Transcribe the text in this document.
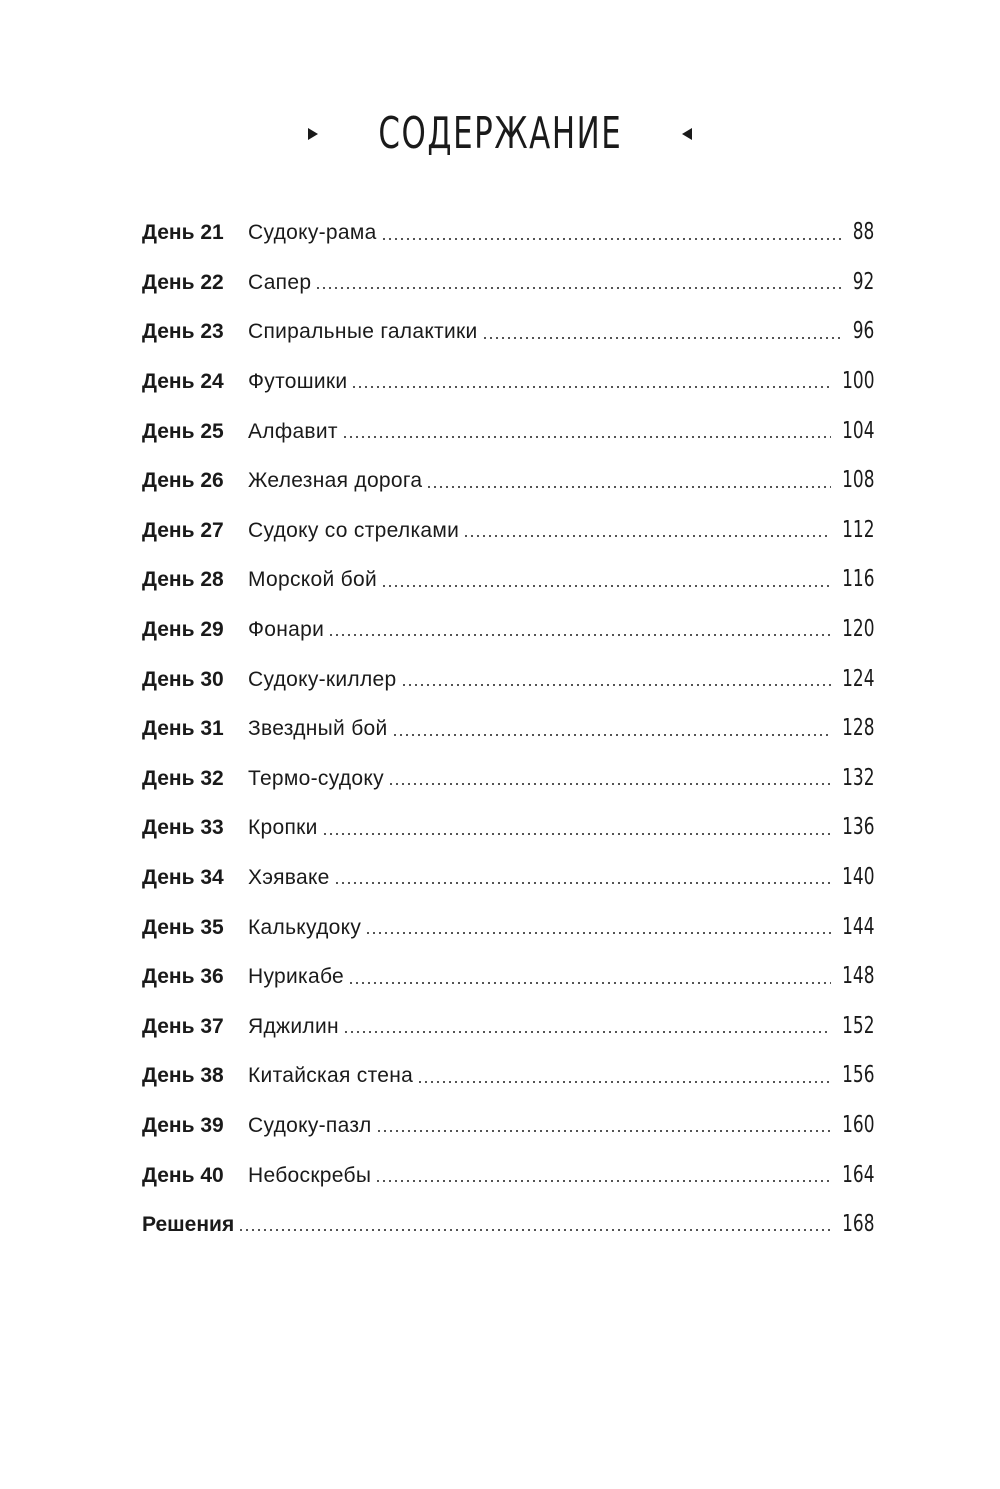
СОДЕРЖАНИЕ
День 21	Судоку-рама	88
День 22	Сапер	92
День 23	Спиральные галактики	96
День 24	Футошики	100
День 25	Алфавит	104
День 26	Железная дорога	108
День 27	Судоку со стрелками	112
День 28	Морской бой	116
День 29	Фонари	120
День 30	Судоку-киллер	124
День 31	Звездный бой	128
День 32	Термо-судоку	132
День 33	Кропки	136
День 34	Хэяваке	140
День 35	Калькудоку	144
День 36	Нурикабе	148
День 37	Яджилин	152
День 38	Китайская стена	156
День 39	Судоку-пазл	160
День 40	Небоскребы	164
Решения	168
